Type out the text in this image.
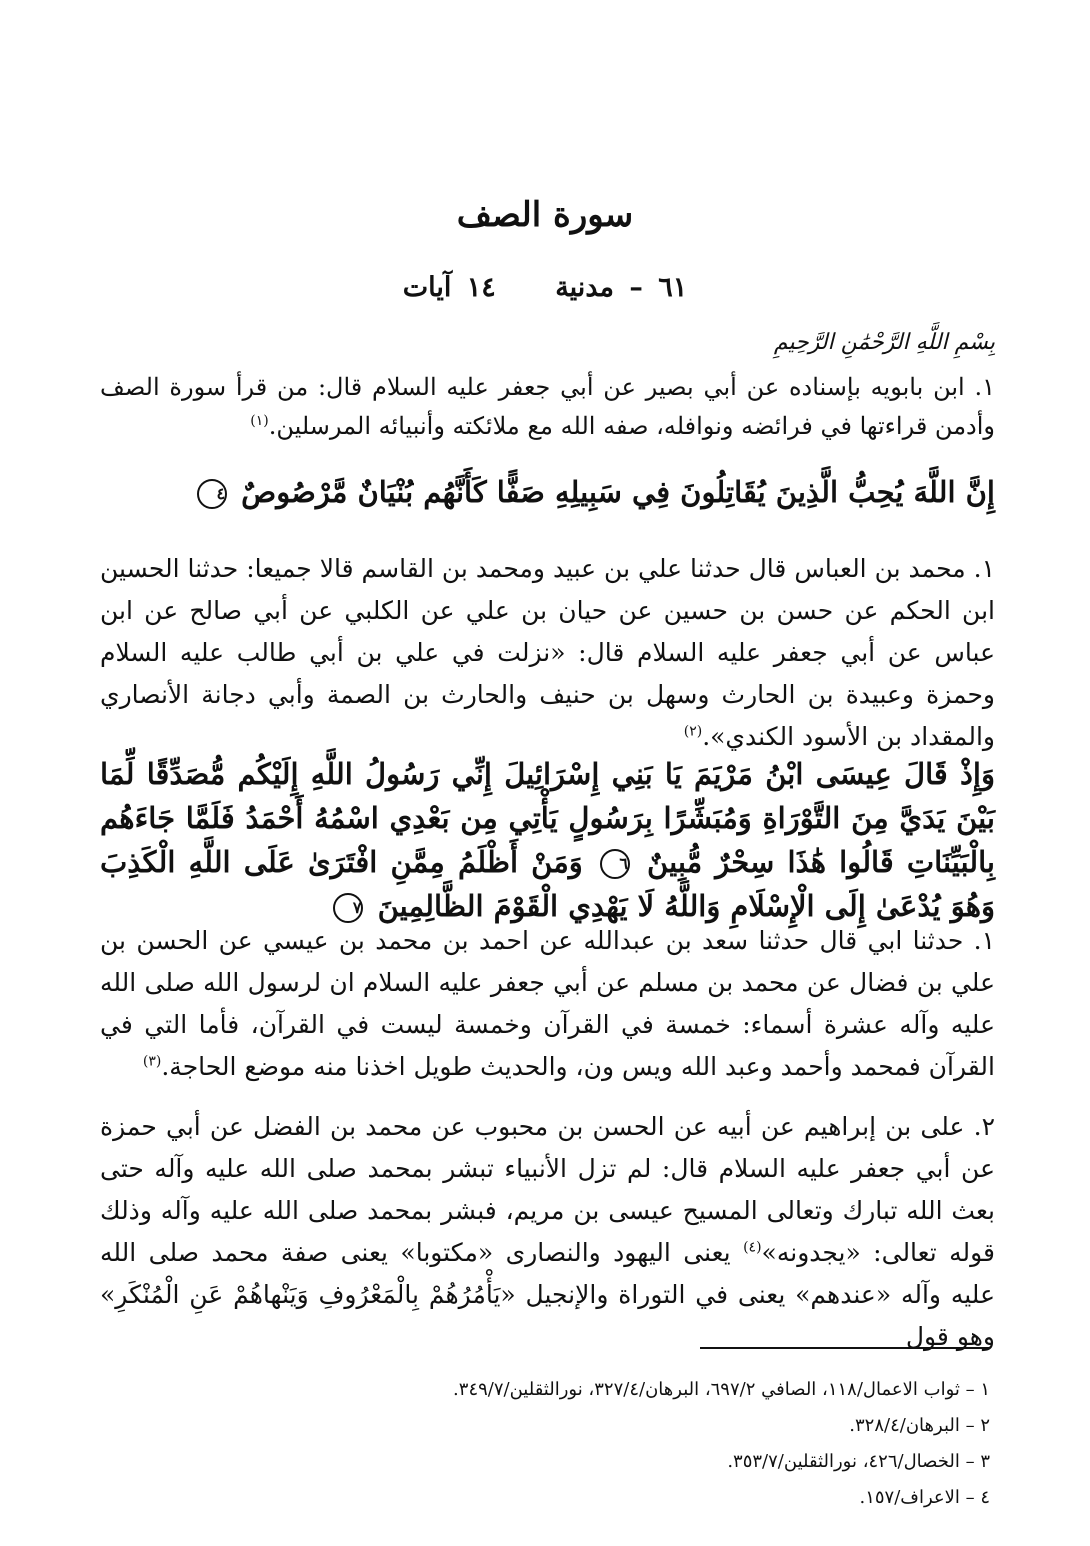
سورة الصف
٦١ – مدنية ١٤ آيات
بِسْمِ اللَّهِ الرَّحْمَٰنِ الرَّحِيمِ
١. ابن بابويه بإسناده عن أبي بصير عن أبي جعفر عليه السلام قال: من قرأ سورة الصف وأدمن قراءتها في فرائضه ونوافله، صفه الله مع ملائكته وأنبيائه المرسلين.$^{(١)}$
إِنَّ اللَّهَ يُحِبُّ الَّذِينَ يُقَاتِلُونَ فِي سَبِيلِهِ صَفًّا كَأَنَّهُم بُنْيَانٌ مَّرْصُوصٌ ٤
١. محمد بن العباس قال حدثنا علي بن عبيد ومحمد بن القاسم قالا جميعا: حدثنا الحسين ابن الحكم عن حسن بن حسين عن حيان بن علي عن الكلبي عن أبي صالح عن ابن عباس عن أبي جعفر عليه السلام قال: «نزلت في علي بن أبي طالب عليه السلام وحمزة وعبيدة بن الحارث وسهل بن حنيف والحارث بن الصمة وأبي دجانة الأنصاري والمقداد بن الأسود الكندي».$^{(٢)}$
وَإِذْ قَالَ عِيسَى ابْنُ مَرْيَمَ يَا بَنِي إِسْرَائِيلَ إِنِّي رَسُولُ اللَّهِ إِلَيْكُم مُّصَدِّقًا لِّمَا بَيْنَ يَدَيَّ مِنَ التَّوْرَاةِ وَمُبَشِّرًا بِرَسُولٍ يَأْتِي مِن بَعْدِي اسْمُهُ أَحْمَدُ فَلَمَّا جَاءَهُم بِالْبَيِّنَاتِ قَالُوا هَٰذَا سِحْرٌ مُّبِينٌ ٦ وَمَنْ أَظْلَمُ مِمَّنِ افْتَرَىٰ عَلَى اللَّهِ الْكَذِبَ وَهُوَ يُدْعَىٰ إِلَى الْإِسْلَامِ وَاللَّهُ لَا يَهْدِي الْقَوْمَ الظَّالِمِينَ ٧
١. حدثنا ابي قال حدثنا سعد بن عبدالله عن احمد بن محمد بن عيسي عن الحسن بن علي بن فضال عن محمد بن مسلم عن أبي جعفر عليه السلام ان لرسول الله صلى الله عليه وآله عشرة أسماء: خمسة في القرآن وخمسة ليست في القرآن، فأما التي في القرآن فمحمد وأحمد وعبد الله ويس ون، والحديث طويل اخذنا منه موضع الحاجة.$^{(٣)}$
٢. على بن إبراهيم عن أبيه عن الحسن بن محبوب عن محمد بن الفضل عن أبي حمزة عن أبي جعفر عليه السلام قال: لم تزل الأنبياء تبشر بمحمد صلى الله عليه وآله حتى بعث الله تبارك وتعالى المسيح عيسى بن مريم، فبشر بمحمد صلى الله عليه وآله وذلك قوله تعالى: «يجدونه»$^{(٤)}$ يعنى اليهود والنصارى «مكتوبا» يعنى صفة محمد صلى الله عليه وآله «عندهم» يعنى في التوراة والإنجيل «يَأْمُرُهُمْ بِالْمَعْرُوفِ وَيَنْهاهُمْ عَنِ الْمُنْكَرِ» وهو قول
١ – ثواب الاعمال/١١٨، الصافي ٦٩٧/٢، البرهان/٣٢٧/٤، نورالثقلين/٣٤٩/٧.
٢ – البرهان/٣٢٨/٤.
٣ – الخصال/٤٢٦، نورالثقلين/٣٥٣/٧.
٤ – الاعراف/١٥٧.
